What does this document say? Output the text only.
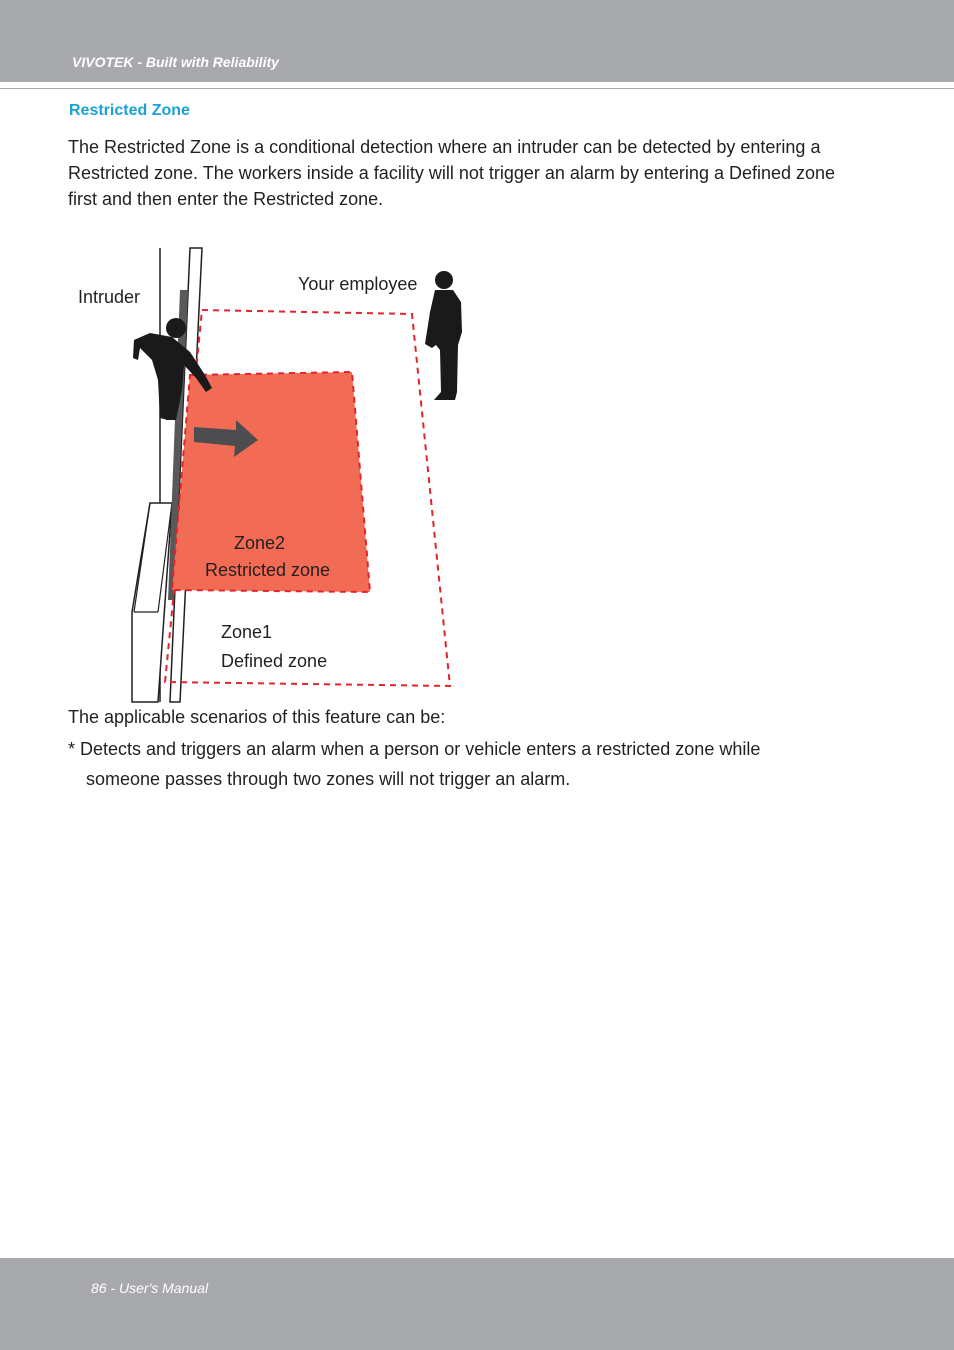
VIVOTEK - Built with Reliability
Restricted Zone
The Restricted Zone is a conditional detection where an intruder can be detected by entering a Restricted zone. The workers inside a facility will not trigger an alarm by entering a Defined zone first and then enter the Restricted zone.
Intruder
Your employee
Zone2
Restricted zone
Zone1
Defined zone
The applicable scenarios of this feature can be:
* Detects and triggers an alarm when a person or vehicle enters a restricted zone while
someone passes through two zones will not trigger an alarm.
86 - User's Manual
